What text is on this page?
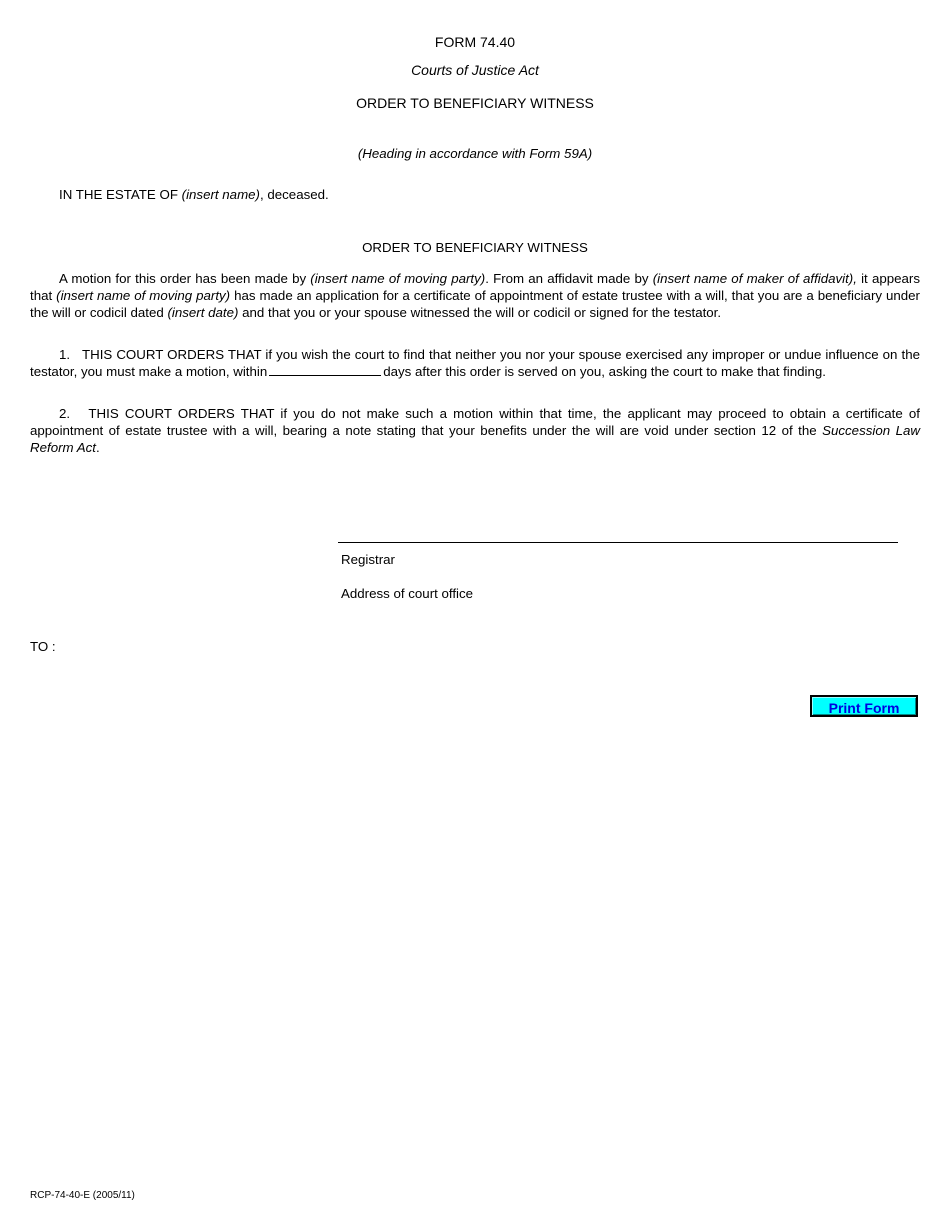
FORM 74.40
Courts of Justice Act
ORDER TO BENEFICIARY WITNESS
(Heading in accordance with Form 59A)
IN THE ESTATE OF (insert name), deceased.
ORDER TO BENEFICIARY WITNESS

A motion for this order has been made by (insert name of moving party). From an affidavit made by (insert name of maker of affidavit), it appears that (insert name of moving party) has made an application for a certificate of appointment of estate trustee with a will, that you are a beneficiary under the will or codicil dated (insert date) and that you or your spouse witnessed the will or codicil or signed for the testator.

1.   THIS COURT ORDERS THAT if you wish the court to find that neither you nor your spouse exercised any improper or undue influence on the testator, you must make a motion, within	days after this order is served on you, asking the court to make that finding.

2.   THIS COURT ORDERS THAT if you do not make such a motion within that time, the applicant may proceed to obtain a certificate of appointment of estate trustee with a will, bearing a note stating that your benefits under the will are void under section 12 of the Succession Law Reform Act.

Registrar
Address of court office
TO :
Print Form
RCP-74-40-E (2005/11)
